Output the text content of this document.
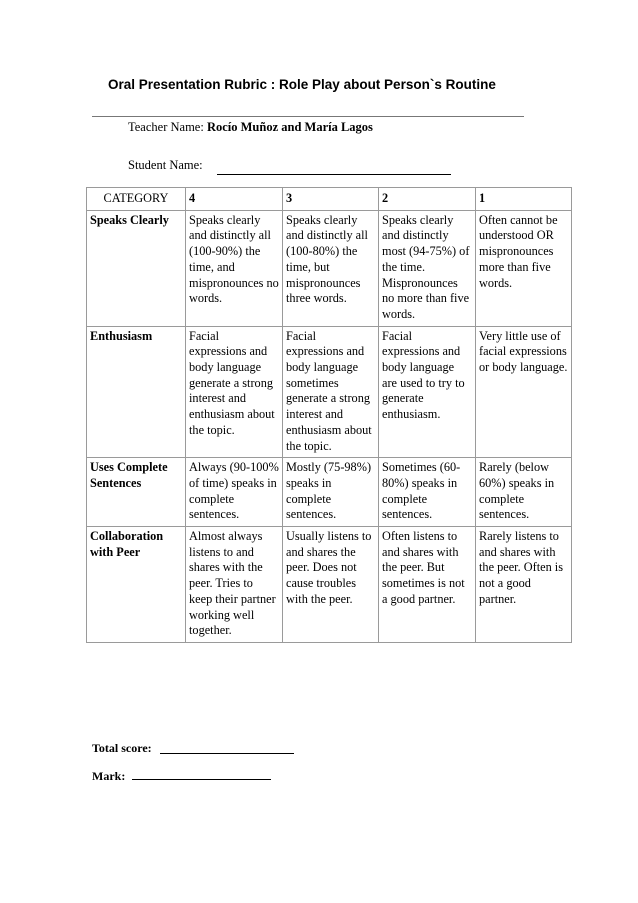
Oral Presentation Rubric : Role Play about Person`s Routine
Teacher Name: Rocío Muñoz and María Lagos
Student Name:
CATEGORY	4	3	2	1
Speaks Clearly	Speaks clearly and distinctly all (100-90%) the time, and mispronounces no words.	Speaks clearly and distinctly all (100-80%) the time, but mispronounces three words.	Speaks clearly and distinctly most (94-75%) of the time. Mispronounces no more than five words.	Often cannot be understood OR mispronounces more than five words.
Enthusiasm	Facial expressions and body language generate a strong interest and enthusiasm about the topic.	Facial expressions and body language sometimes generate a strong interest and enthusiasm about the topic.	Facial expressions and body language are used to try to generate enthusiasm.	Very little use of facial expressions or body language.
Uses Complete Sentences	Always (90-100% of time) speaks in complete sentences.	Mostly (75-98%) speaks in complete sentences.	Sometimes (60-80%) speaks in complete sentences.	Rarely (below 60%) speaks in complete sentences.
Collaboration with Peer	Almost always listens to and shares with the peer. Tries to keep their partner working well together.	Usually listens to and shares the peer. Does not cause troubles with the peer.	Often listens to and shares with the peer. But sometimes is not a good partner.	Rarely listens to and shares with the peer. Often is not a good partner.
Total score:
Mark:
